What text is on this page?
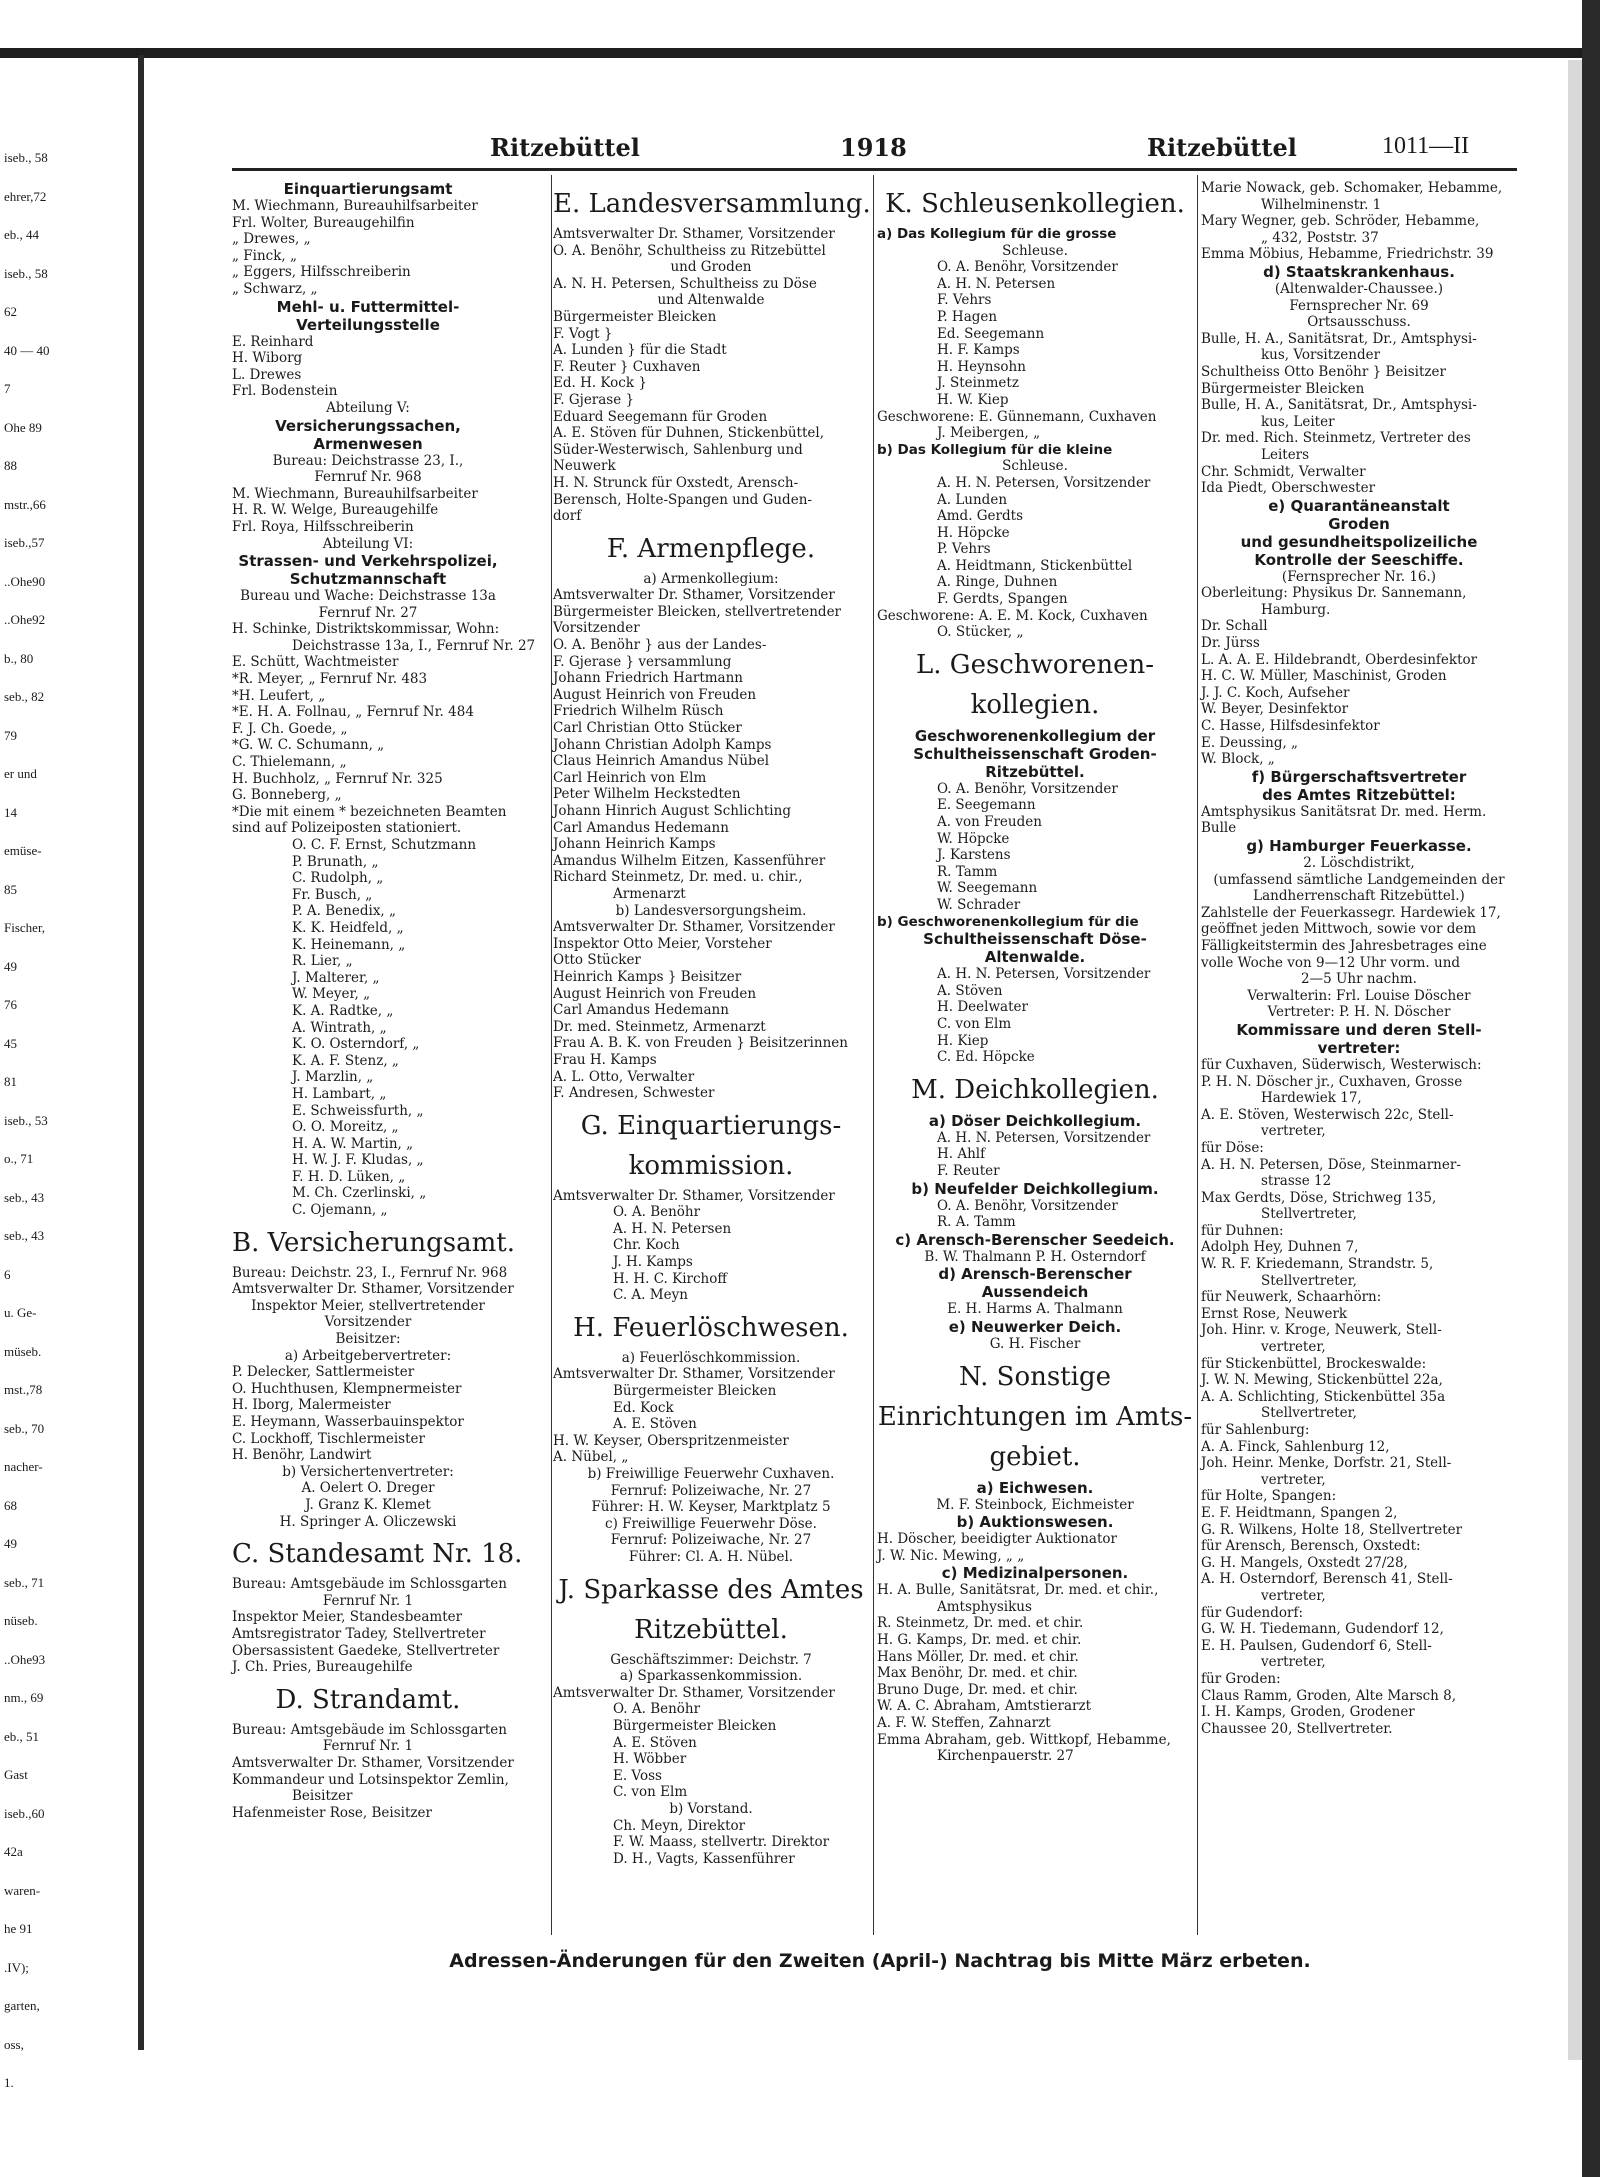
iseb., 58
ehrer,72
eb., 44
iseb., 58
62
40 — 40
7
Ohe 89
88
mstr.,66
iseb.,57
..Ohe90
..Ohe92
b., 80
seb., 82
79
er und
14
emüse-
85
Fischer,
49
76
45
81
iseb., 53
o., 71
seb., 43
seb., 43
6
u. Ge-
müseb.
mst.,78
seb., 70
nacher-
68
49
seb., 71
nüseb.
..Ohe93
nm., 69
eb., 51
Gast
iseb.,60
42a
waren-
he 91
.IV);
garten,
oss,
1.
Ritzebüttel	1918	Ritzebüttel	1011—II
Einquartierungsamt
M. Wiechmann, Bureauhilfsarbeiter
Frl. Wolter, Bureaugehilfin
„ Drewes, „
„ Finck, „
„ Eggers, Hilfsschreiberin
„ Schwarz, „
Mehl- u. Futtermittel-
Verteilungsstelle
E. Reinhard
H. Wiborg
L. Drewes
Frl. Bodenstein
Abteilung V:
Versicherungssachen,
Armenwesen
Bureau: Deichstrasse 23, I.,
Fernruf Nr. 968
M. Wiechmann, Bureauhilfsarbeiter
H. R. W. Welge, Bureaugehilfe
Frl. Roya, Hilfsschreiberin
Abteilung VI:
Strassen- und Verkehrspolizei,
Schutzmannschaft
Bureau und Wache: Deichstrasse 13a
Fernruf Nr. 27
H. Schinke, Distriktskommissar, Wohn:
Deichstrasse 13a, I., Fernruf Nr. 27
E. Schütt, Wachtmeister
*R. Meyer, „ Fernruf Nr. 483
*H. Leufert, „
*E. H. A. Follnau, „ Fernruf Nr. 484
F. J. Ch. Goede, „
*G. W. C. Schumann, „
C. Thielemann, „
H. Buchholz, „ Fernruf Nr. 325
G. Bonneberg, „
*Die mit einem * bezeichneten Beamten
sind auf Polizeiposten stationiert.
O. C. F. Ernst, Schutzmann
P. Brunath, „
C. Rudolph, „
Fr. Busch, „
P. A. Benedix, „
K. K. Heidfeld, „
K. Heinemann, „
R. Lier, „
J. Malterer, „
W. Meyer, „
K. A. Radtke, „
A. Wintrath, „
K. O. Osterndorf, „
K. A. F. Stenz, „
J. Marzlin, „
H. Lambart, „
E. Schweissfurth, „
O. O. Moreitz, „
H. A. W. Martin, „
H. W. J. F. Kludas, „
F. H. D. Lüken, „
M. Ch. Czerlinski, „
C. Ojemann, „
B. Versicherungsamt.
Bureau: Deichstr. 23, I., Fernruf Nr. 968
Amtsverwalter Dr. Sthamer, Vorsitzender
Inspektor Meier, stellvertretender
Vorsitzender
Beisitzer:
a) Arbeitgebervertreter:
P. Delecker, Sattlermeister
O. Huchthusen, Klempnermeister
H. Iborg, Malermeister
E. Heymann, Wasserbauinspektor
C. Lockhoff, Tischlermeister
H. Benöhr, Landwirt
b) Versichertenvertreter:
A. Oelert O. Dreger
J. Granz K. Klemet
H. Springer A. Oliczewski
C. Standesamt Nr. 18.
Bureau: Amtsgebäude im Schlossgarten
Fernruf Nr. 1
Inspektor Meier, Standesbeamter
Amtsregistrator Tadey, Stellvertreter
Obersassistent Gaedeke, Stellvertreter
J. Ch. Pries, Bureaugehilfe
D. Strandamt.
Bureau: Amtsgebäude im Schlossgarten
Fernruf Nr. 1
Amtsverwalter Dr. Sthamer, Vorsitzender
Kommandeur und Lotsinspektor Zemlin,
Beisitzer
Hafenmeister Rose, Beisitzer
E. Landesversammlung.
Amtsverwalter Dr. Sthamer, Vorsitzender
O. A. Benöhr, Schultheiss zu Ritzebüttel
und Groden
A. N. H. Petersen, Schultheiss zu Döse
und Altenwalde
Bürgermeister Bleicken
F. Vogt }
A. Lunden } für die Stadt
F. Reuter } Cuxhaven
Ed. H. Kock }
F. Gjerase }
Eduard Seegemann für Groden
A. E. Stöven für Duhnen, Stickenbüttel,
Süder-Westerwisch, Sahlenburg und
Neuwerk
H. N. Strunck für Oxstedt, Arensch-
Berensch, Holte-Spangen und Guden-
dorf
F. Armenpflege.
a) Armenkollegium:
Amtsverwalter Dr. Sthamer, Vorsitzender
Bürgermeister Bleicken, stellvertretender
Vorsitzender
O. A. Benöhr } aus der Landes-
F. Gjerase } versammlung
Johann Friedrich Hartmann
August Heinrich von Freuden
Friedrich Wilhelm Rüsch
Carl Christian Otto Stücker
Johann Christian Adolph Kamps
Claus Heinrich Amandus Nübel
Carl Heinrich von Elm
Peter Wilhelm Heckstedten
Johann Hinrich August Schlichting
Carl Amandus Hedemann
Johann Heinrich Kamps
Amandus Wilhelm Eitzen, Kassenführer
Richard Steinmetz, Dr. med. u. chir.,
Armenarzt
b) Landesversorgungsheim.
Amtsverwalter Dr. Sthamer, Vorsitzender
Inspektor Otto Meier, Vorsteher
Otto Stücker
Heinrich Kamps } Beisitzer
August Heinrich von Freuden
Carl Amandus Hedemann
Dr. med. Steinmetz, Armenarzt
Frau A. B. K. von Freuden } Beisitzerinnen
Frau H. Kamps
A. L. Otto, Verwalter
F. Andresen, Schwester
G. Einquartierungs-
kommission.
Amtsverwalter Dr. Sthamer, Vorsitzender
O. A. Benöhr
A. H. N. Petersen
Chr. Koch
J. H. Kamps
H. H. C. Kirchoff
C. A. Meyn
H. Feuerlöschwesen.
a) Feuerlöschkommission.
Amtsverwalter Dr. Sthamer, Vorsitzender
Bürgermeister Bleicken
Ed. Kock
A. E. Stöven
H. W. Keyser, Oberspritzenmeister
A. Nübel, „
b) Freiwillige Feuerwehr Cuxhaven.
Fernruf: Polizeiwache, Nr. 27
Führer: H. W. Keyser, Marktplatz 5
c) Freiwillige Feuerwehr Döse.
Fernruf: Polizeiwache, Nr. 27
Führer: Cl. A. H. Nübel.
J. Sparkasse des Amtes
Ritzebüttel.
Geschäftszimmer: Deichstr. 7
a) Sparkassenkommission.
Amtsverwalter Dr. Sthamer, Vorsitzender
O. A. Benöhr
Bürgermeister Bleicken
A. E. Stöven
H. Wöbber
E. Voss
C. von Elm
b) Vorstand.
Ch. Meyn, Direktor
F. W. Maass, stellvertr. Direktor
D. H., Vagts, Kassenführer
K. Schleusenkollegien.
a) Das Kollegium für die grosse
Schleuse.
O. A. Benöhr, Vorsitzender
A. H. N. Petersen
F. Vehrs
P. Hagen
Ed. Seegemann
H. F. Kamps
H. Heynsohn
J. Steinmetz
H. W. Kiep
Geschworene: E. Günnemann, Cuxhaven
J. Meibergen, „
b) Das Kollegium für die kleine
Schleuse.
A. H. N. Petersen, Vorsitzender
A. Lunden
Amd. Gerdts
H. Höpcke
P. Vehrs
A. Heidtmann, Stickenbüttel
A. Ringe, Duhnen
F. Gerdts, Spangen
Geschworene: A. E. M. Kock, Cuxhaven
O. Stücker, „
L. Geschworenen-
kollegien.
Geschworenenkollegium der
Schultheissenschaft Groden-
Ritzebüttel.
O. A. Benöhr, Vorsitzender
E. Seegemann
A. von Freuden
W. Höpcke
J. Karstens
R. Tamm
W. Seegemann
W. Schrader
b) Geschworenenkollegium für die
Schultheissenschaft Döse-
Altenwalde.
A. H. N. Petersen, Vorsitzender
A. Stöven
H. Deelwater
C. von Elm
H. Kiep
C. Ed. Höpcke
M. Deichkollegien.
a) Döser Deichkollegium.
A. H. N. Petersen, Vorsitzender
H. Ahlf
F. Reuter
b) Neufelder Deichkollegium.
O. A. Benöhr, Vorsitzender
R. A. Tamm
c) Arensch-Berenscher Seedeich.
B. W. Thalmann P. H. Osterndorf
d) Arensch-Berenscher
Aussendeich
E. H. Harms A. Thalmann
e) Neuwerker Deich.
G. H. Fischer
N. Sonstige
Einrichtungen im Amts-
gebiet.
a) Eichwesen.
M. F. Steinbock, Eichmeister
b) Auktionswesen.
H. Döscher, beeidigter Auktionator
J. W. Nic. Mewing, „ „
c) Medizinalpersonen.
H. A. Bulle, Sanitätsrat, Dr. med. et chir.,
Amtsphysikus
R. Steinmetz, Dr. med. et chir.
H. G. Kamps, Dr. med. et chir.
Hans Möller, Dr. med. et chir.
Max Benöhr, Dr. med. et chir.
Bruno Duge, Dr. med. et chir.
W. A. C. Abraham, Amtstierarzt
A. F. W. Steffen, Zahnarzt
Emma Abraham, geb. Wittkopf, Hebamme,
Kirchenpauerstr. 27
Marie Nowack, geb. Schomaker, Hebamme,
Wilhelminenstr. 1
Mary Wegner, geb. Schröder, Hebamme,
„ 432, Poststr. 37
Emma Möbius, Hebamme, Friedrichstr. 39
d) Staatskrankenhaus.
(Altenwalder-Chaussee.)
Fernsprecher Nr. 69
Ortsausschuss.
Bulle, H. A., Sanitätsrat, Dr., Amtsphysi-
kus, Vorsitzender
Schultheiss Otto Benöhr } Beisitzer
Bürgermeister Bleicken
Bulle, H. A., Sanitätsrat, Dr., Amtsphysi-
kus, Leiter
Dr. med. Rich. Steinmetz, Vertreter des
Leiters
Chr. Schmidt, Verwalter
Ida Piedt, Oberschwester
e) Quarantäneanstalt
Groden
und gesundheitspolizeiliche
Kontrolle der Seeschiffe.
(Fernsprecher Nr. 16.)
Oberleitung: Physikus Dr. Sannemann,
Hamburg.
Dr. Schall
Dr. Jürss
L. A. A. E. Hildebrandt, Oberdesinfektor
H. C. W. Müller, Maschinist, Groden
J. J. C. Koch, Aufseher
W. Beyer, Desinfektor
C. Hasse, Hilfsdesinfektor
E. Deussing, „
W. Block, „
f) Bürgerschaftsvertreter
des Amtes Ritzebüttel:
Amtsphysikus Sanitätsrat Dr. med. Herm.
Bulle
g) Hamburger Feuerkasse.
2. Löschdistrikt,
(umfassend sämtliche Landgemeinden der
Landherrenschaft Ritzebüttel.)
Zahlstelle der Feuerkassegr. Hardewiek 17,
geöffnet jeden Mittwoch, sowie vor dem
Fälligkeitstermin des Jahresbetrages eine
volle Woche von 9—12 Uhr vorm. und
2—5 Uhr nachm.
Verwalterin: Frl. Louise Döscher
Vertreter: P. H. N. Döscher
Kommissare und deren Stell-
vertreter:
für Cuxhaven, Süderwisch, Westerwisch:
P. H. N. Döscher jr., Cuxhaven, Grosse
Hardewiek 17,
A. E. Stöven, Westerwisch 22c, Stell-
vertreter,
für Döse:
A. H. N. Petersen, Döse, Steinmarner-
strasse 12
Max Gerdts, Döse, Strichweg 135,
Stellvertreter,
für Duhnen:
Adolph Hey, Duhnen 7,
W. R. F. Kriedemann, Strandstr. 5,
Stellvertreter,
für Neuwerk, Schaarhörn:
Ernst Rose, Neuwerk
Joh. Hinr. v. Kroge, Neuwerk, Stell-
vertreter,
für Stickenbüttel, Brockeswalde:
J. W. N. Mewing, Stickenbüttel 22a,
A. A. Schlichting, Stickenbüttel 35a
Stellvertreter,
für Sahlenburg:
A. A. Finck, Sahlenburg 12,
Joh. Heinr. Menke, Dorfstr. 21, Stell-
vertreter,
für Holte, Spangen:
E. F. Heidtmann, Spangen 2,
G. R. Wilkens, Holte 18, Stellvertreter
für Arensch, Berensch, Oxstedt:
G. H. Mangels, Oxstedt 27/28,
A. H. Osterndorf, Berensch 41, Stell-
vertreter,
für Gudendorf:
G. W. H. Tiedemann, Gudendorf 12,
E. H. Paulsen, Gudendorf 6, Stell-
vertreter,
für Groden:
Claus Ramm, Groden, Alte Marsch 8,
I. H. Kamps, Groden, Grodener
Chaussee 20, Stellvertreter.
Adressen-Änderungen für den Zweiten (April-) Nachtrag bis Mitte März erbeten.
